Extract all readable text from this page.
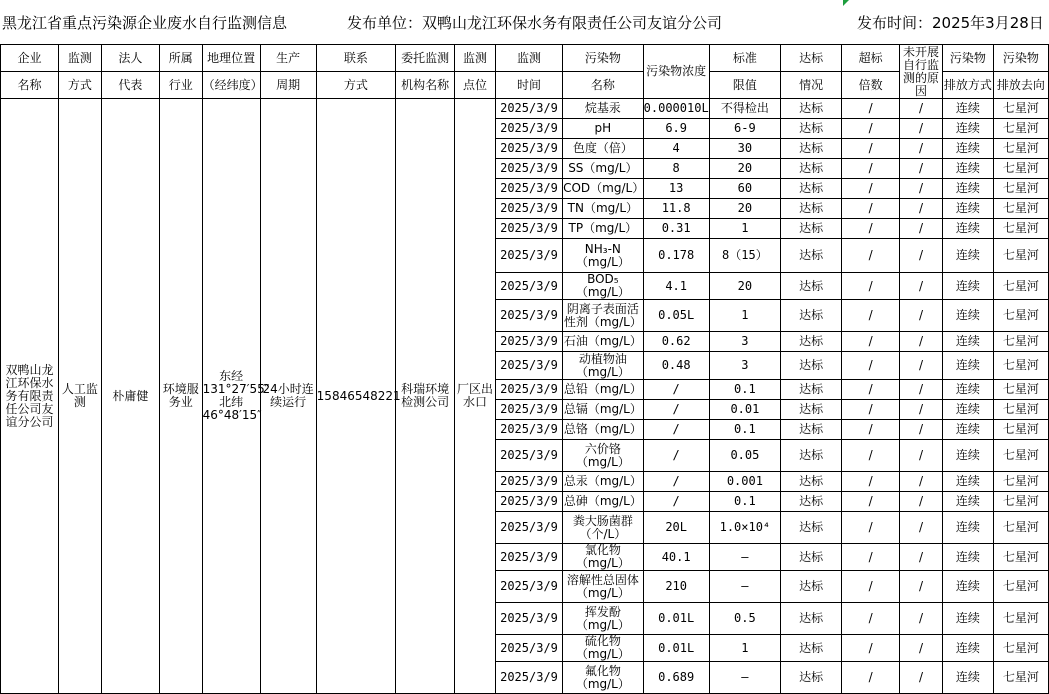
黑龙江省重点污染源企业废水自行监测信息	发布单位：双鸭山龙江环保水务有限责任公司友谊分公司	发布时间：2025年3月28日
企业	监测	法人	所属	地理位置	生产	联系	委托监测	监测	监测	污染物	污染物浓度	标准	达标	超标	未开展自行监测的原因	污染物	污染物
名称	方式	代表	行业	（经纬度）	周期	方式	机构名称	点位	时间	名称		限值	情况	倍数		排放方式	排放去向
双鸭山龙江环保水务有限责任公司友谊分公司	人工监测	朴庸健	环境服务业	东经131°27′55″北纬46°48′15″	24小时连续运行	15846548221	科瑞环境检测公司	厂区出水口	2025/3/9	烷基汞	0.000010L	不得检出	达标	/	/	连续	七星河
									2025/3/9	pH	6.9	6-9	达标	/	/	连续	七星河
									2025/3/9	色度（倍）	4	30	达标	/	/	连续	七星河
									2025/3/9	SS（mg/L）	8	20	达标	/	/	连续	七星河
									2025/3/9	COD（mg/L）	13	60	达标	/	/	连续	七星河
									2025/3/9	TN（mg/L）	11.8	20	达标	/	/	连续	七星河
									2025/3/9	TP（mg/L）	0.31	1	达标	/	/	连续	七星河
									2025/3/9	NH₃-N（mg/L）	0.178	8（15）	达标	/	/	连续	七星河
									2025/3/9	BOD₅（mg/L）	4.1	20	达标	/	/	连续	七星河
									2025/3/9	阴离子表面活性剂（mg/L）	0.05L	1	达标	/	/	连续	七星河
									2025/3/9	石油（mg/L）	0.62	3	达标	/	/	连续	七星河
									2025/3/9	动植物油（mg/L）	0.48	3	达标	/	/	连续	七星河
									2025/3/9	总铅（mg/L）	/	0.1	达标	/	/	连续	七星河
									2025/3/9	总镉（mg/L）	/	0.01	达标	/	/	连续	七星河
									2025/3/9	总铬（mg/L）	/	0.1	达标	/	/	连续	七星河
									2025/3/9	六价铬（mg/L）	/	0.05	达标	/	/	连续	七星河
									2025/3/9	总汞（mg/L）	/	0.001	达标	/	/	连续	七星河
									2025/3/9	总砷（mg/L）	/	0.1	达标	/	/	连续	七星河
									2025/3/9	粪大肠菌群（个/L）	20L	1.0×10⁴	达标	/	/	连续	七星河
									2025/3/9	氯化物（mg/L）	40.1	—	达标	/	/	连续	七星河
									2025/3/9	溶解性总固体（mg/L）	210	—	达标	/	/	连续	七星河
									2025/3/9	挥发酚（mg/L）	0.01L	0.5	达标	/	/	连续	七星河
									2025/3/9	硫化物（mg/L）	0.01L	1	达标	/	/	连续	七星河
									2025/3/9	氟化物（mg/L）	0.689	—	达标	/	/	连续	七星河
